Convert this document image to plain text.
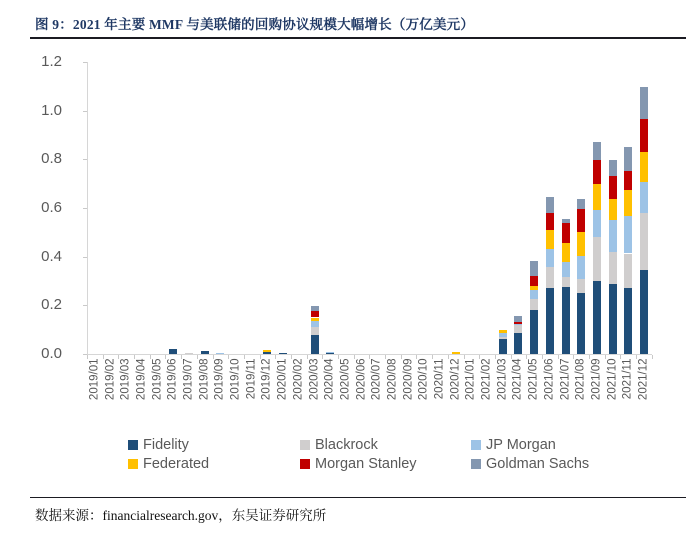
图 9：2021 年主要 MMF 与美联储的回购协议规模大幅增长（万亿美元）
0.0
0.2
0.4
0.6
0.8
1.0
1.2
2019/01 2019/02 2019/03 2019/04 2019/05 2019/06 2019/07 2019/08 2019/09 2019/10 2019/11 2019/12 2020/01 2020/02 2020/03 2020/04 2020/05 2020/06 2020/07 2020/08 2020/09 2020/10 2020/11 2020/12 2021/01 2021/02 2021/03 2021/04 2021/05 2021/06 2021/07 2021/08 2021/09 2021/10 2021/11 2021/12
Fidelity	Blackrock	JP Morgan
Federated	Morgan Stanley	Goldman Sachs
数据来源：financialresearch.gov，东吴证券研究所
